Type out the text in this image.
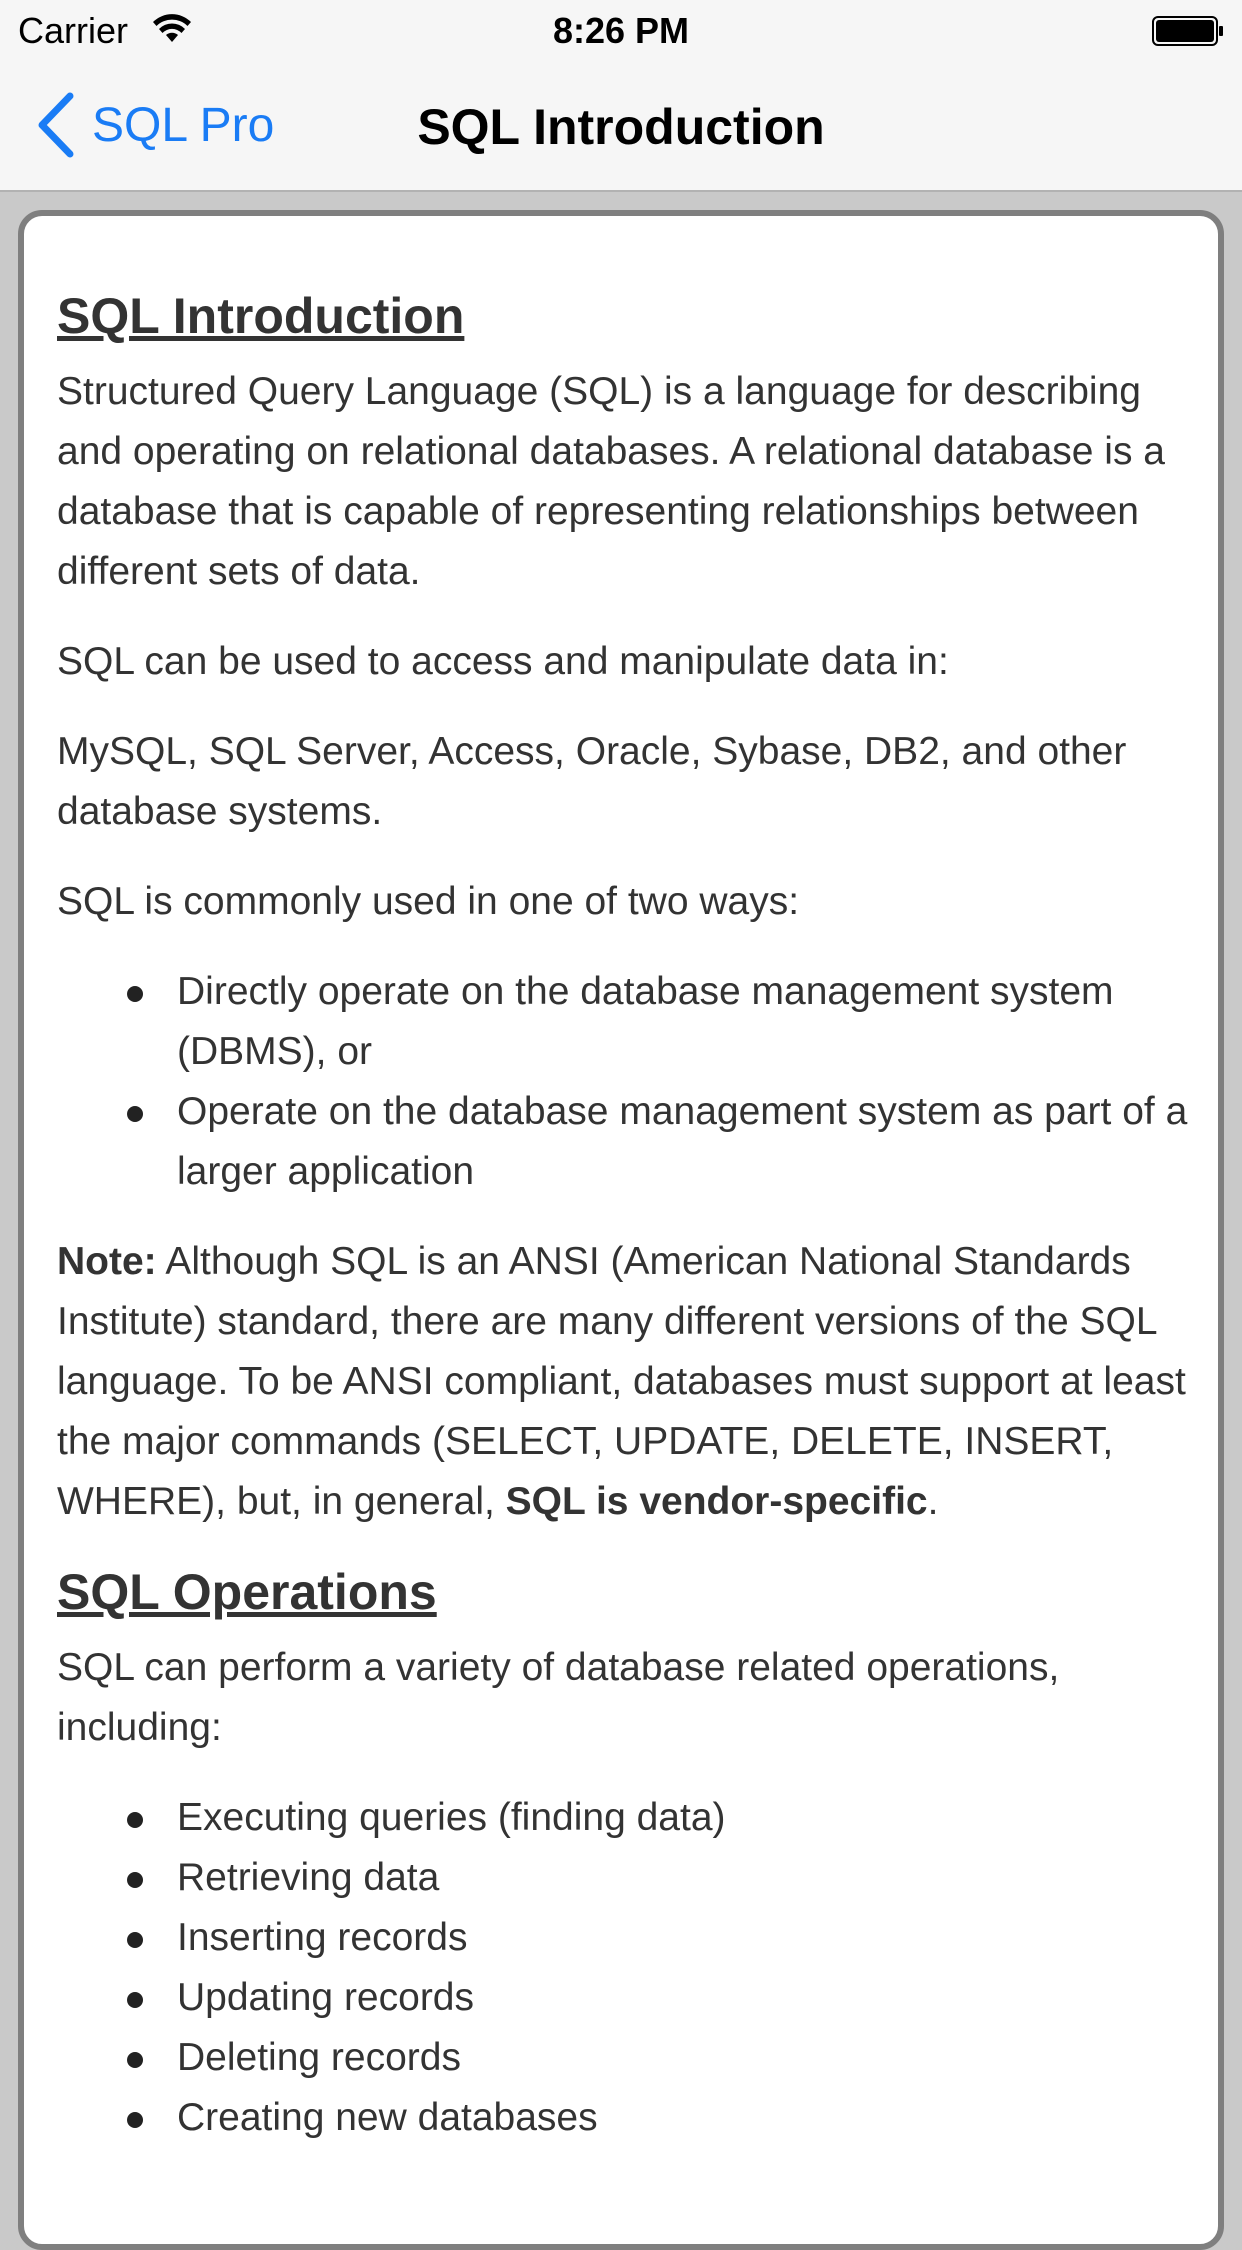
Carrier	8:26 PM
SQL Pro	SQL Introduction
SQL Introduction

Structured Query Language (SQL) is a language for describing and operating on relational databases. A relational database is a database that is capable of representing relationships between different sets of data.

SQL can be used to access and manipulate data in:

MySQL, SQL Server, Access, Oracle, Sybase, DB2, and other database systems.

SQL is commonly used in one of two ways:

Directly operate on the database management system (DBMS), or
Operate on the database management system as part of a larger application

Note: Although SQL is an ANSI (American National Standards Institute) standard, there are many different versions of the SQL language. To be ANSI compliant, databases must support at least the major commands (SELECT, UPDATE, DELETE, INSERT, WHERE), but, in general, SQL is vendor-specific.

SQL Operations

SQL can perform a variety of database related operations, including:

Executing queries (finding data)
Retrieving data
Inserting records
Updating records
Deleting records
Creating new databases
